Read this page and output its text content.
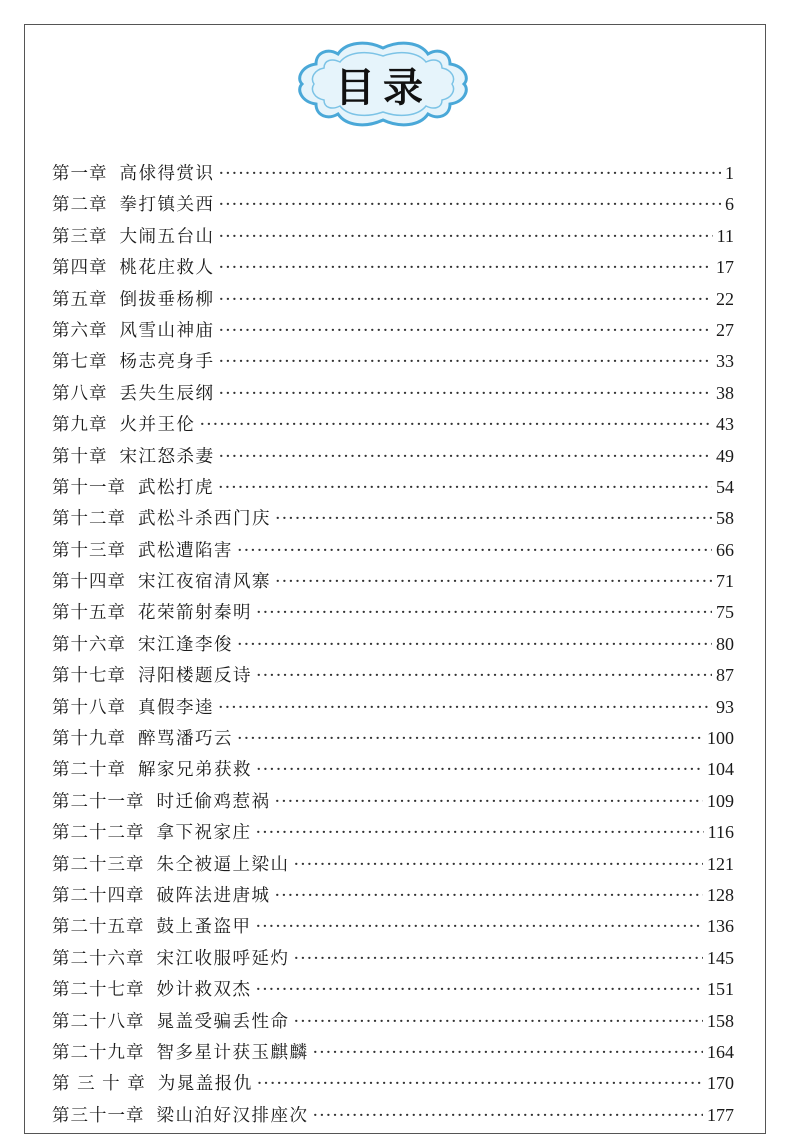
目录
第一章 高俅得赏识 ·····	1
第二章 拳打镇关西 ·····	6
第三章 大闹五台山 ·····	11
第四章 桃花庄救人 ·····	17
第五章 倒拔垂杨柳 ·····	22
第六章 风雪山神庙 ·····	27
第七章 杨志亮身手 ·····	33
第八章 丢失生辰纲 ·····	38
第九章 火并王伦 ·····	43
第十章 宋江怒杀妻 ·····	49
第十一章 武松打虎 ·····	54
第十二章 武松斗杀西门庆 ·····	58
第十三章 武松遭陷害 ·····	66
第十四章 宋江夜宿清风寨 ·····	71
第十五章 花荣箭射秦明 ·····	75
第十六章 宋江逢李俊 ·····	80
第十七章 浔阳楼题反诗 ·····	87
第十八章 真假李逵 ·····	93
第十九章 醉骂潘巧云 ·····	100
第二十章 解家兄弟获救 ·····	104
第二十一章 时迁偷鸡惹祸 ·····	109
第二十二章 拿下祝家庄 ·····	116
第二十三章 朱仝被逼上梁山 ·····	121
第二十四章 破阵法进唐城 ·····	128
第二十五章 鼓上蚤盗甲 ·····	136
第二十六章 宋江收服呼延灼 ·····	145
第二十七章 妙计救双杰 ·····	151
第二十八章 晁盖受骗丢性命 ·····	158
第二十九章 智多星计获玉麒麟 ·····	164
第 三 十 章 为晁盖报仇 ·····	170
第三十一章 梁山泊好汉排座次 ·····	177
